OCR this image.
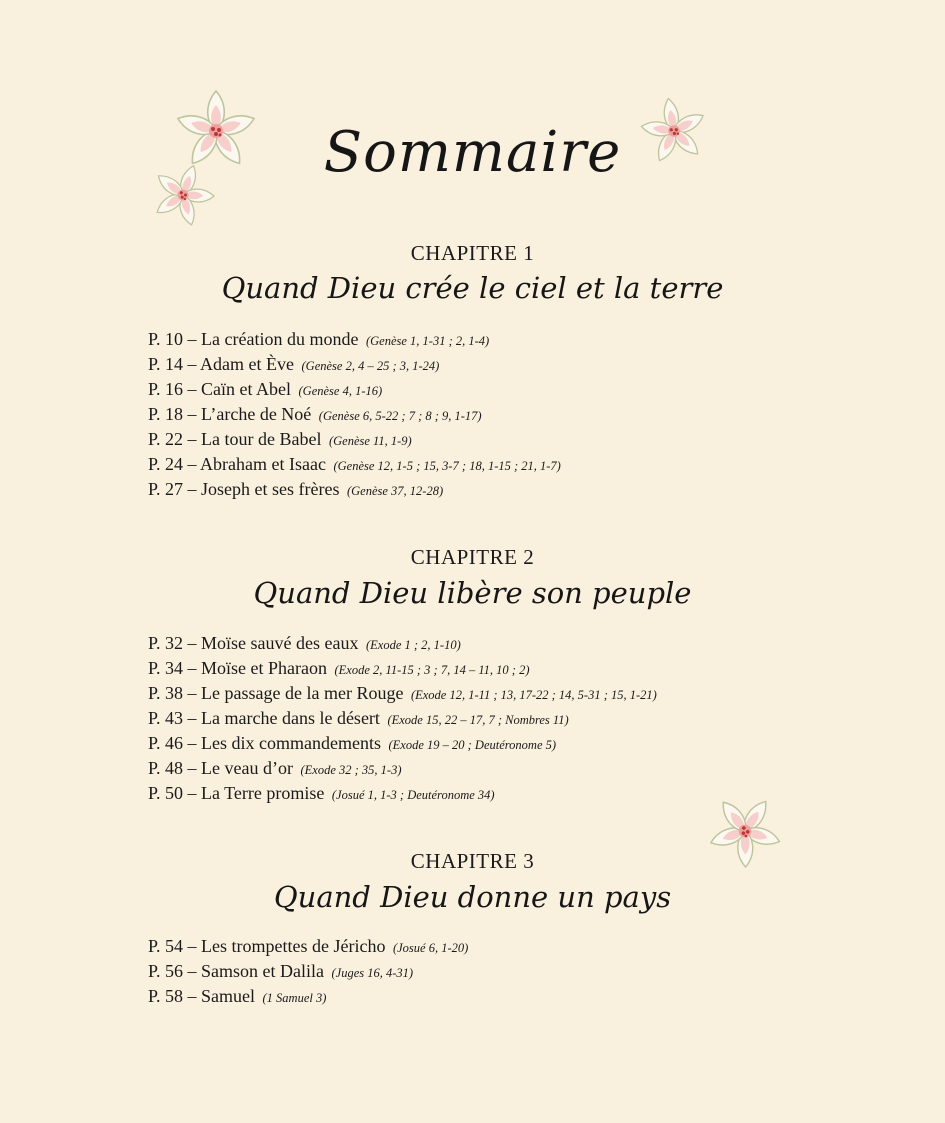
Sommaire
CHAPITRE 1
Quand Dieu crée le ciel et la terre
P. 10 – La création du monde (Genèse 1, 1-31 ; 2, 1-4)
P. 14 – Adam et Ève (Genèse 2, 4 – 25 ; 3, 1-24)
P. 16 – Caïn et Abel (Genèse 4, 1-16)
P. 18 – L’arche de Noé (Genèse 6, 5-22 ; 7 ; 8 ; 9, 1-17)
P. 22 – La tour de Babel (Genèse 11, 1-9)
P. 24 – Abraham et Isaac (Genèse 12, 1-5 ; 15, 3-7 ; 18, 1-15 ; 21, 1-7)
P. 27 – Joseph et ses frères (Genèse 37, 12-28)
CHAPITRE 2
Quand Dieu libère son peuple
P. 32 – Moïse sauvé des eaux (Exode 1 ; 2, 1-10)
P. 34 – Moïse et Pharaon (Exode 2, 11-15 ; 3 ; 7, 14 – 11, 10 ; 2)
P. 38 – Le passage de la mer Rouge (Exode 12, 1-11 ; 13, 17-22 ; 14, 5-31 ; 15, 1-21)
P. 43 – La marche dans le désert (Exode 15, 22 – 17, 7 ; Nombres 11)
P. 46 – Les dix commandements (Exode 19 – 20 ; Deutéronome 5)
P. 48 – Le veau d’or (Exode 32 ; 35, 1-3)
P. 50 – La Terre promise (Josué 1, 1-3 ; Deutéronome 34)
CHAPITRE 3
Quand Dieu donne un pays
P. 54 – Les trompettes de Jéricho (Josué 6, 1-20)
P. 56 – Samson et Dalila (Juges 16, 4-31)
P. 58 – Samuel (1 Samuel 3)
